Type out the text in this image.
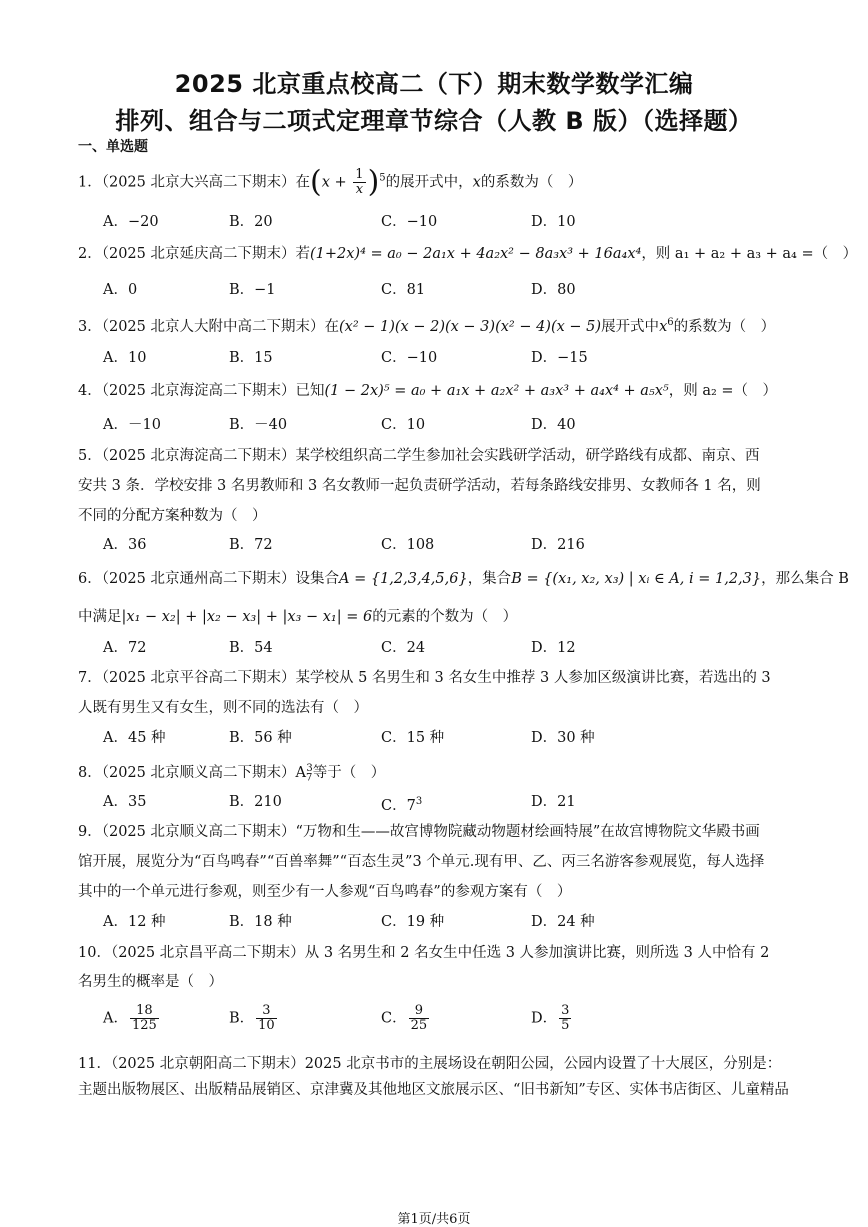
2025 北京重点校高二（下）期末数学数学汇编
排列、组合与二项式定理章节综合（人教 B 版）（选择题）
一、单选题
1．（2025 北京大兴高二下期末）在$(x + \frac{1}{x} )^5$的展开式中，x的系数为（　）
A．−20	B．20	C．−10	D．10
2．（2025 北京延庆高二下期末）若(1+2x)⁴ = a₀ − 2a₁x + 4a₂x² − 8a₃x³ + 16a₄x⁴，则 a₁ + a₂ + a₃ + a₄ =（　）
A．0	B．−1	C．81	D．80
3．（2025 北京人大附中高二下期末）在(x² − 1)(x − 2)(x − 3)(x² − 4)(x − 5)展开式中$x^6$的系数为（　）
A．10	B．15	C．−10	D．−15
4．（2025 北京海淀高二下期末）已知(1 − 2x)⁵ = a₀ + a₁x + a₂x² + a₃x³ + a₄x⁴ + a₅x⁵，则 a₂ =（　）
A．－10	B．－40	C．10	D．40
5．（2025 北京海淀高二下期末）某学校组织高二学生参加社会实践研学活动，研学路线有成都、南京、西
安共 3 条．学校安排 3 名男教师和 3 名女教师一起负责研学活动，若每条路线安排男、女教师各 1 名，则
不同的分配方案种数为（　）
A．36	B．72	C．108	D．216
6．（2025 北京通州高二下期末）设集合A = {1,2,3,4,5,6}，集合B = {(x₁, x₂, x₃) | xᵢ ∈ A, i = 1,2,3}，那么集合 B
中满足|x₁ − x₂| + |x₂ − x₃| + |x₃ − x₁| = 6的元素的个数为（　）
A．72	B．54	C．24	D．12
7．（2025 北京平谷高二下期末）某学校从 5 名男生和 3 名女生中推荐 3 人参加区级演讲比赛，若选出的 3
人既有男生又有女生，则不同的选法有（　）
A．45 种	B．56 种	C．15 种	D．30 种
8．（2025 北京顺义高二下期末）$A_7^3$等于（　）
A．35	B．210	C．$7^3$	D．21
9．（2025 北京顺义高二下期末）“万物和生——故宫博物院藏动物题材绘画特展”在故宫博物院文华殿书画
馆开展，展览分为“百鸟鸣春”“百兽率舞”“百态生灵”3 个单元.现有甲、乙、丙三名游客参观展览，每人选择
其中的一个单元进行参观，则至少有一人参观“百鸟鸣春”的参观方案有（　）
A．12 种	B．18 种	C．19 种	D．24 种
10．（2025 北京昌平高二下期末）从 3 名男生和 2 名女生中任选 3 人参加演讲比赛，则所选 3 人中恰有 2
名男生的概率是（　）
A． $\frac{18}{125}$	B． $\frac{3}{10}$	C． $\frac{9}{25}$	D． $\frac{3}{5}$
11．（2025 北京朝阳高二下期末）2025 北京书市的主展场设在朝阳公园，公园内设置了十大展区，分别是：
主题出版物展区、出版精品展销区、京津冀及其他地区文旅展示区、“旧书新知”专区、实体书店街区、儿童精品
第1页/共6页
